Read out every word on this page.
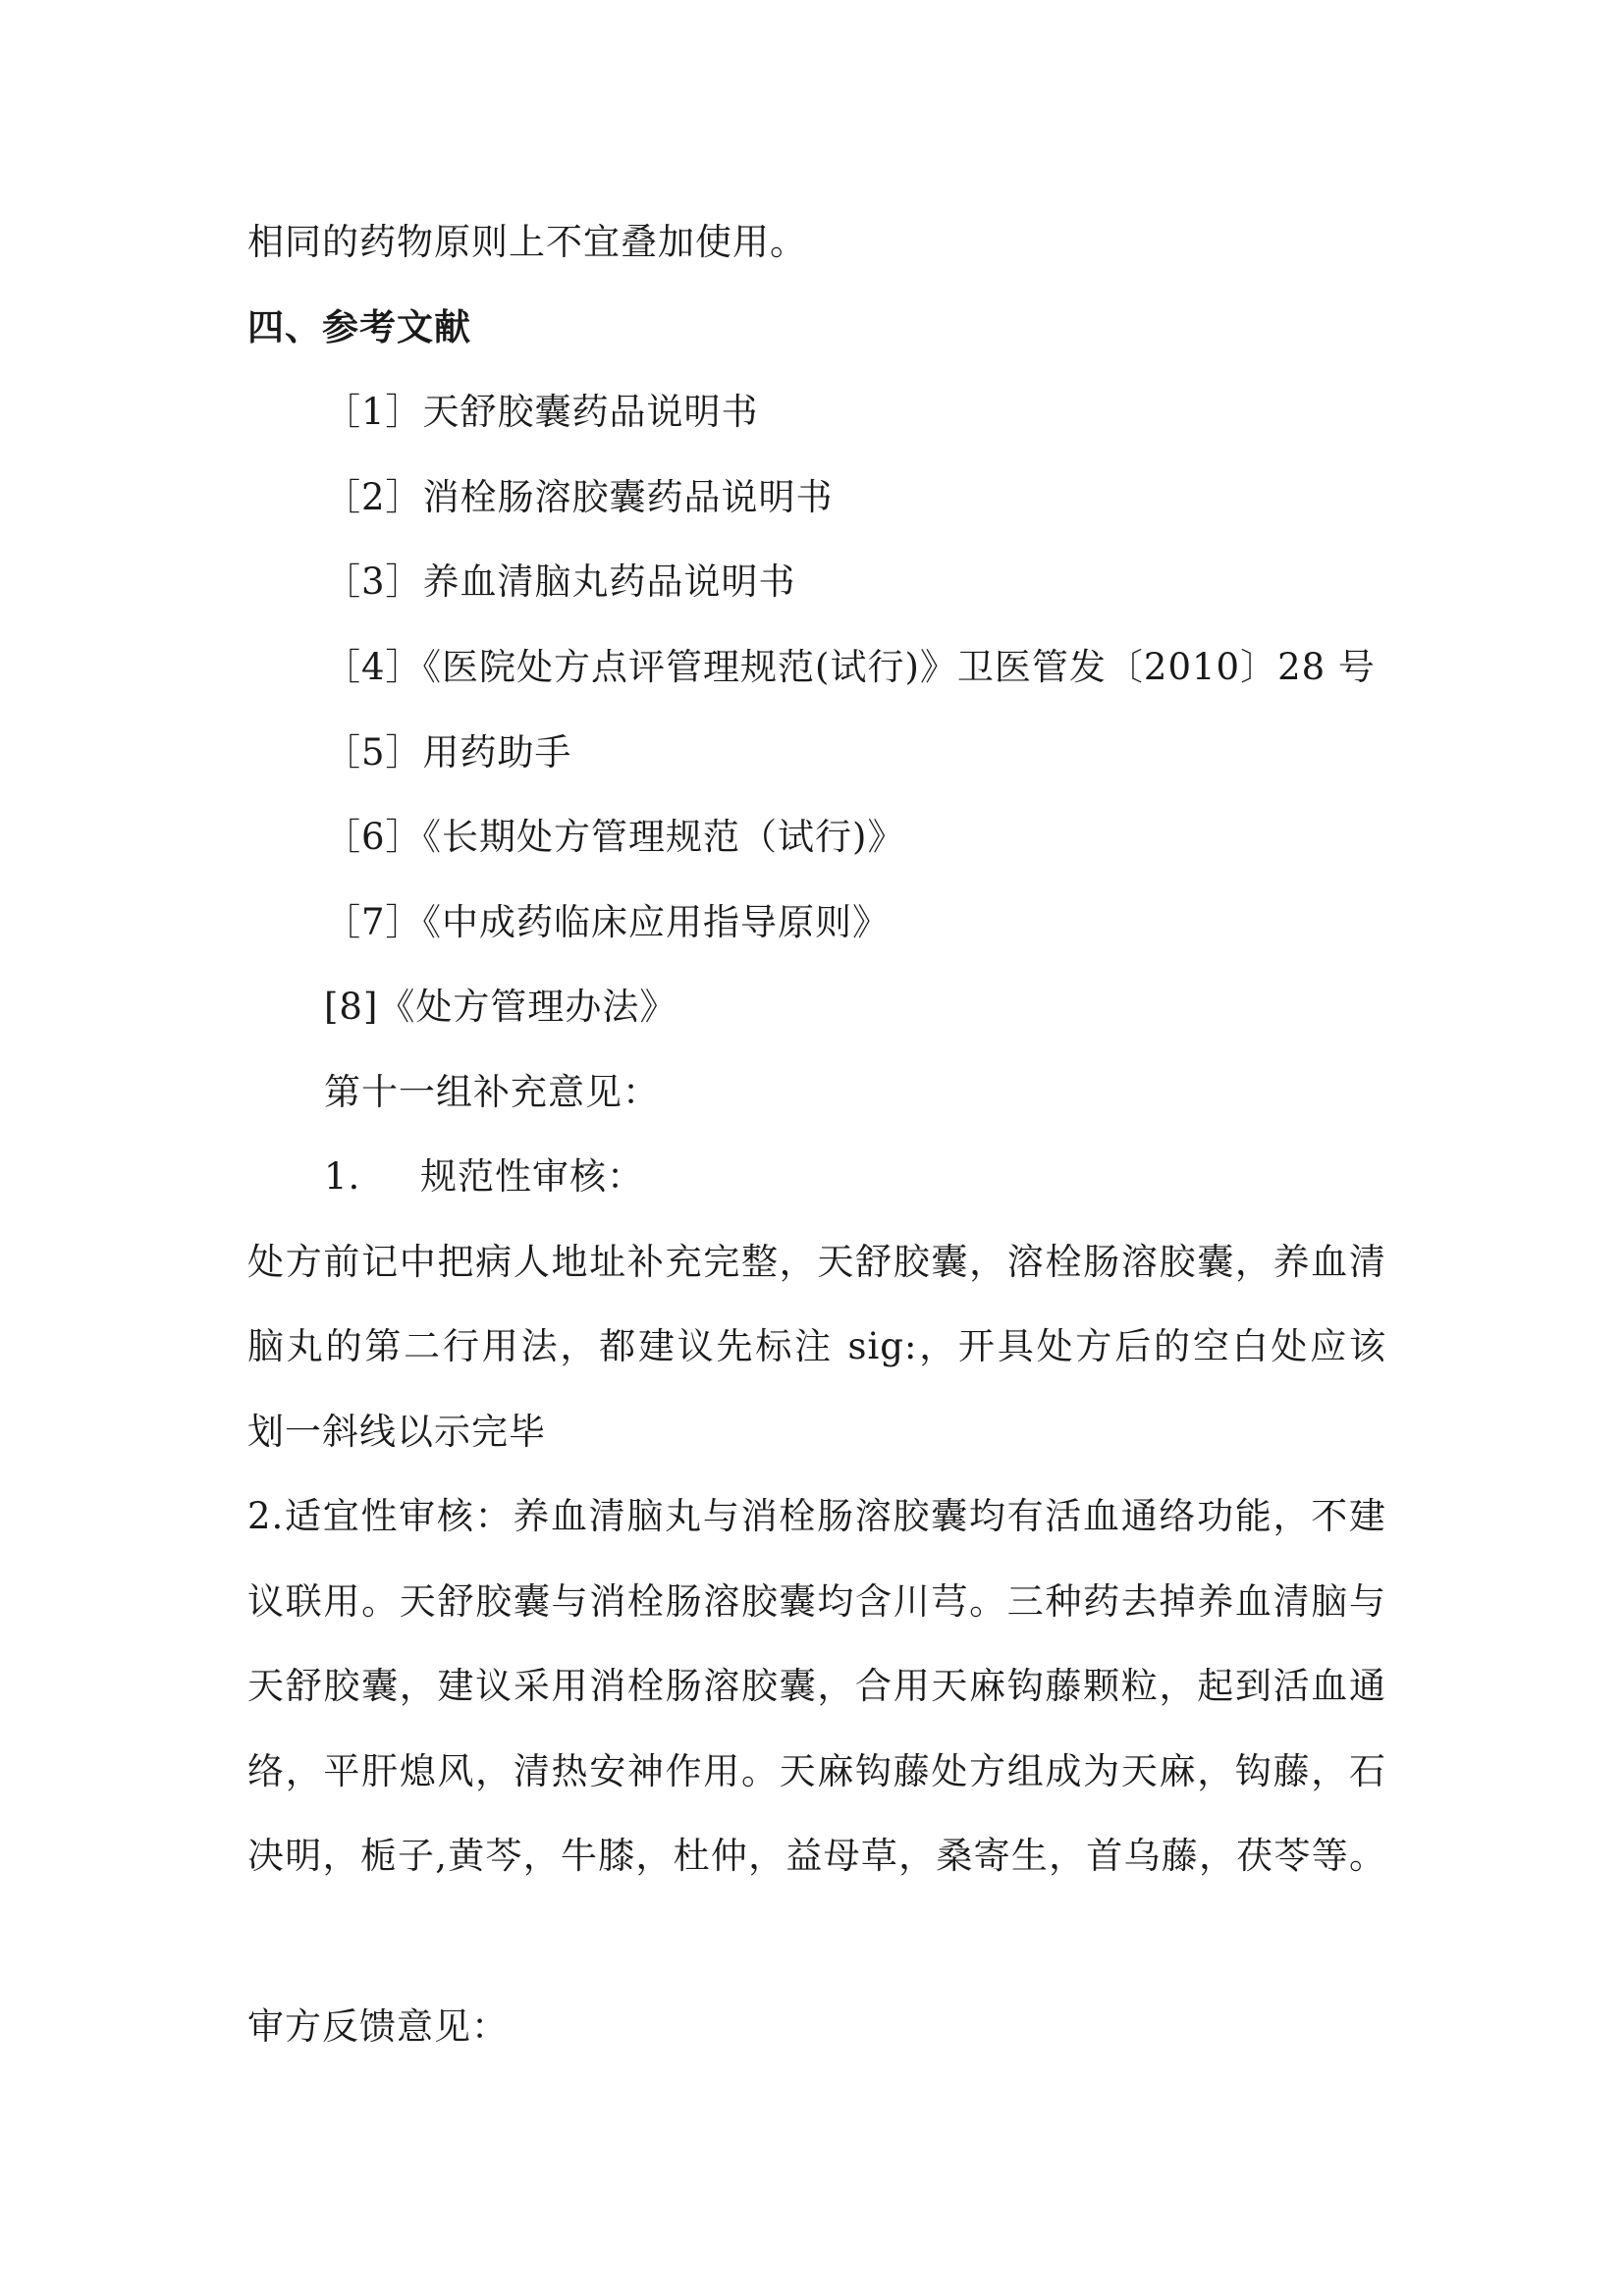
相同的药物原则上不宜叠加使用。
四、参考文献
［1］天舒胶囊药品说明书
［2］消栓肠溶胶囊药品说明书
［3］养血清脑丸药品说明书
［4］《医院处方点评管理规范(试行)》卫医管发〔2010〕28 号
［5］用药助手
［6］《长期处方管理规范（试行)》
［7］《中成药临床应用指导原则》
[8]《处方管理办法》
第十一组补充意见：
1. 规范性审核：
处方前记中把病人地址补充完整，天舒胶囊，溶栓肠溶胶囊，养血清
脑丸的第二行用法，都建议先标注 sig:，开具处方后的空白处应该
划一斜线以示完毕
2.适宜性审核：养血清脑丸与消栓肠溶胶囊均有活血通络功能，不建
议联用。天舒胶囊与消栓肠溶胶囊均含川芎。三种药去掉养血清脑与
天舒胶囊，建议采用消栓肠溶胶囊，合用天麻钩藤颗粒，起到活血通
络，平肝熄风，清热安神作用。天麻钩藤处方组成为天麻，钩藤，石
决明，栀子,黄芩，牛膝，杜仲，益母草，桑寄生，首乌藤，茯苓等。
审方反馈意见：
